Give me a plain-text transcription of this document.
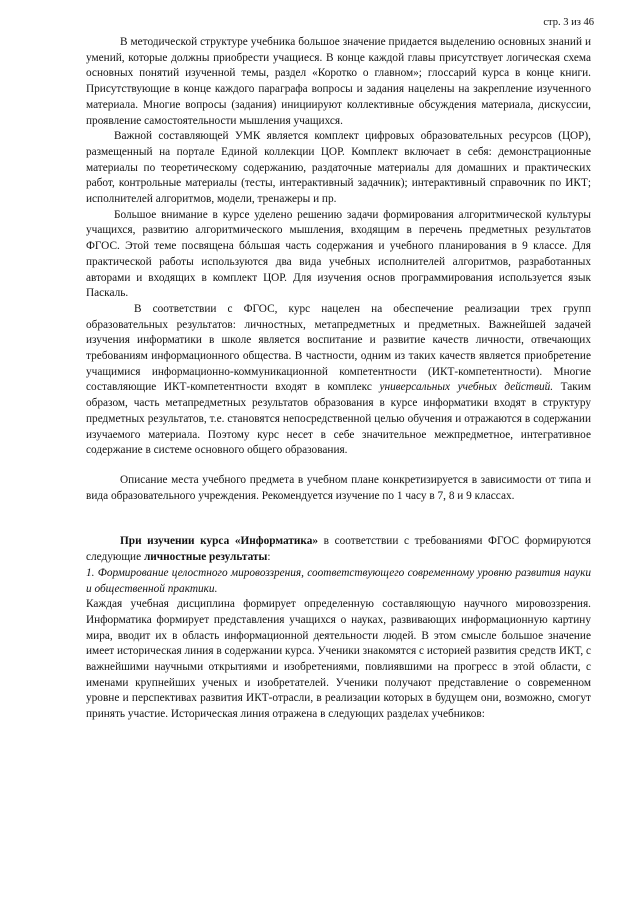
стр. 3 из 46

В методической структуре учебника большое значение придается выделению основных знаний и умений, которые должны приобрести учащиеся. В конце каждой главы присутствует логическая схема основных понятий изученной темы, раздел «Коротко о главном»; глоссарий курса в конце книги. Присутствующие в конце каждого параграфа вопросы и задания нацелены на закрепление изученного материала. Многие вопросы (задания) инициируют коллективные обсуждения материала, дискуссии, проявление самостоятельности мышления учащихся.

Важной составляющей УМК является комплект цифровых образовательных ресурсов (ЦОР), размещенный на портале Единой коллекции ЦОР. Комплект включает в себя: демонстрационные материалы по теоретическому содержанию, раздаточные материалы для домашних и практических работ, контрольные материалы (тесты, интерактивный задачник); интерактивный справочник по ИКТ; исполнителей алгоритмов, модели, тренажеры и пр.

Большое внимание в курсе уделено решению задачи формирования алгоритмической культуры учащихся, развитию алгоритмического мышления, входящим в перечень предметных результатов ФГОС. Этой теме посвящена бóльшая часть содержания и учебного планирования в 9 классе. Для практической работы используются два вида учебных исполнителей алгоритмов, разработанных авторами и входящих в комплект ЦОР. Для изучения основ программирования используется язык Паскаль.

В соответствии с ФГОС, курс нацелен на обеспечение реализации трех групп образовательных результатов: личностных, метапредметных и предметных. Важнейшей задачей изучения информатики в школе является воспитание и развитие качеств личности, отвечающих требованиям информационного общества. В частности, одним из таких качеств является приобретение учащимися информационно-коммуникационной компетентности (ИКТ-компетентности). Многие составляющие ИКТ-компетентности входят в комплекс универсальных учебных действий. Таким образом, часть метапредметных результатов образования в курсе информатики входят в структуру предметных результатов, т.е. становятся непосредственной целью обучения и отражаются в содержании изучаемого материала. Поэтому курс несет в себе значительное межпредметное, интегративное содержание в системе основного общего образования.

Описание места учебного предмета в учебном плане конкретизируется в зависимости от типа и вида образовательного учреждения. Рекомендуется изучение по 1 часу в 7, 8 и 9 классах.

При изучении курса «Информатика» в соответствии с требованиями ФГОС формируются следующие личностные результаты:

1. Формирование целостного мировоззрения, соответствующего современному уровню развития науки и общественной практики.

Каждая учебная дисциплина формирует определенную составляющую научного мировоззрения. Информатика формирует представления учащихся о науках, развивающих информационную картину мира, вводит их в область информационной деятельности людей. В этом смысле большое значение имеет историческая линия в содержании курса. Ученики знакомятся с историей развития средств ИКТ, с важнейшими научными открытиями и изобретениями, повлиявшими на прогресс в этой области, с именами крупнейших ученых и изобретателей. Ученики получают представление о современном уровне и перспективах развития ИКТ-отрасли, в реализации которых в будущем они, возможно, смогут принять участие. Историческая линия отражена в следующих разделах учебников:
